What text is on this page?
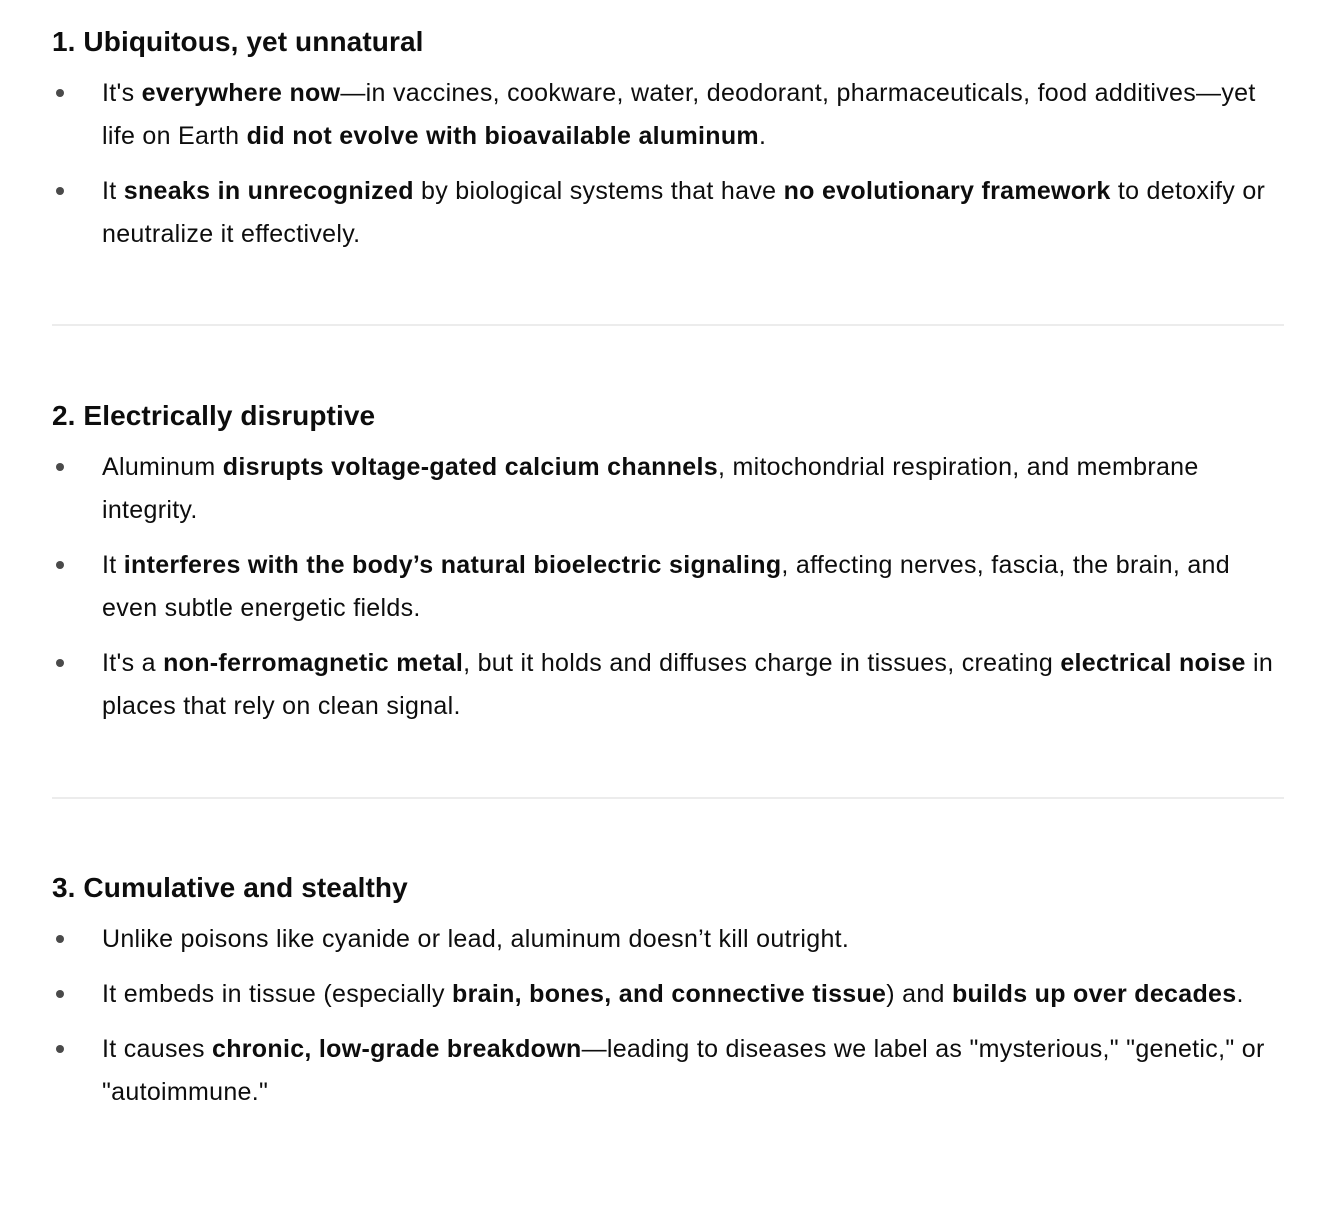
1. Ubiquitous, yet unnatural
It's everywhere now—in vaccines, cookware, water, deodorant, pharmaceuticals, food additives—yet life on Earth did not evolve with bioavailable aluminum.
It sneaks in unrecognized by biological systems that have no evolutionary framework to detoxify or neutralize it effectively.
2. Electrically disruptive
Aluminum disrupts voltage-gated calcium channels, mitochondrial respiration, and membrane integrity.
It interferes with the body’s natural bioelectric signaling, affecting nerves, fascia, the brain, and even subtle energetic fields.
It's a non-ferromagnetic metal, but it holds and diffuses charge in tissues, creating electrical noise in places that rely on clean signal.
3. Cumulative and stealthy
Unlike poisons like cyanide or lead, aluminum doesn’t kill outright.
It embeds in tissue (especially brain, bones, and connective tissue) and builds up over decades.
It causes chronic, low-grade breakdown—leading to diseases we label as "mysterious," "genetic," or "autoimmune."
